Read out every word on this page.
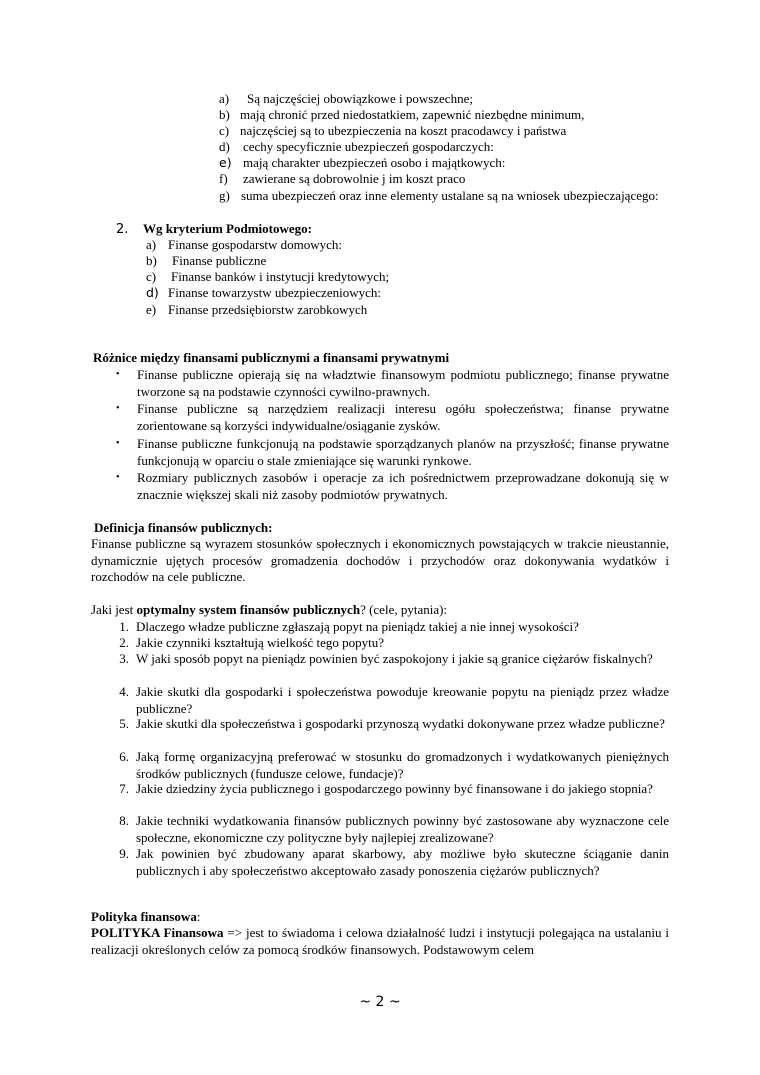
a) Są najczęściej obowiązkowe i powszechne;
b) mają chronić przed niedostatkiem, zapewnić niezbędne minimum,
c) najczęściej są to ubezpieczenia na koszt pracodawcy i państwa
d) cechy specyficznie ubezpieczeń gospodarczych:
e) mają charakter ubezpieczeń osobo i majątkowych:
f) zawierane są dobrowolnie j im koszt praco
g) suma ubezpieczeń oraz inne elementy ustalane są na wniosek ubezpieczającego:
2. Wg kryterium Podmiotowego:
a) Finanse gospodarstw domowych:
b) Finanse publiczne
c) Finanse banków i instytucji kredytowych;
d) Finanse towarzystw ubezpieczeniowych:
e) Finanse przedsiębiorstw zarobkowych
Różnice między finansami publicznymi a finansami prywatnymi
• Finanse publiczne opierają się na władztwie finansowym podmiotu publicznego; finanse prywatne tworzone są na podstawie czynności cywilno-prawnych.
• Finanse publiczne są narzędziem realizacji interesu ogółu społeczeństwa; finanse prywatne zorientowane są korzyści indywidualne/osiąganie zysków.
• Finanse publiczne funkcjonują na podstawie sporządzanych planów na przyszłość; finanse prywatne funkcjonują w oparciu o stale zmieniające się warunki rynkowe.
• Rozmiary publicznych zasobów i operacje za ich pośrednictwem przeprowadzane dokonują się w znacznie większej skali niż zasoby podmiotów prywatnych.
Definicja finansów publicznych:
Finanse publiczne są wyrazem stosunków społecznych i ekonomicznych powstających w trakcie nieustannie, dynamicznie ujętych procesów gromadzenia dochodów i przychodów oraz dokonywania wydatków i rozchodów na cele publiczne.
Jaki jest optymalny system finansów publicznych? (cele, pytania):
1. Dlaczego władze publiczne zgłaszają popyt na pieniądz takiej a nie innej wysokości?
2. Jakie czynniki kształtują wielkość tego popytu?
3. W jaki sposób popyt na pieniądz powinien być zaspokojony i jakie są granice ciężarów fiskalnych?
4. Jakie skutki dla gospodarki i społeczeństwa powoduje kreowanie popytu na pieniądz przez władze publiczne?
5. Jakie skutki dla społeczeństwa i gospodarki przynoszą wydatki dokonywane przez władze publiczne?
6. Jaką formę organizacyjną preferować w stosunku do gromadzonych i wydatkowanych pieniężnych środków publicznych (fundusze celowe, fundacje)?
7. Jakie dziedziny życia publicznego i gospodarczego powinny być finansowane i do jakiego stopnia?
8. Jakie techniki wydatkowania finansów publicznych powinny być zastosowane aby wyznaczone cele społeczne, ekonomiczne czy polityczne były najlepiej zrealizowane?
9. Jak powinien być zbudowany aparat skarbowy, aby możliwe było skuteczne ściąganie danin publicznych i aby społeczeństwo akceptowało zasady ponoszenia ciężarów publicznych?
Polityka finansowa:
POLITYKA Finansowa => jest to świadoma i celowa działalność ludzi i instytucji polegająca na ustalaniu i realizacji określonych celów za pomocą środków finansowych. Podstawowym celem
~ 2 ~
